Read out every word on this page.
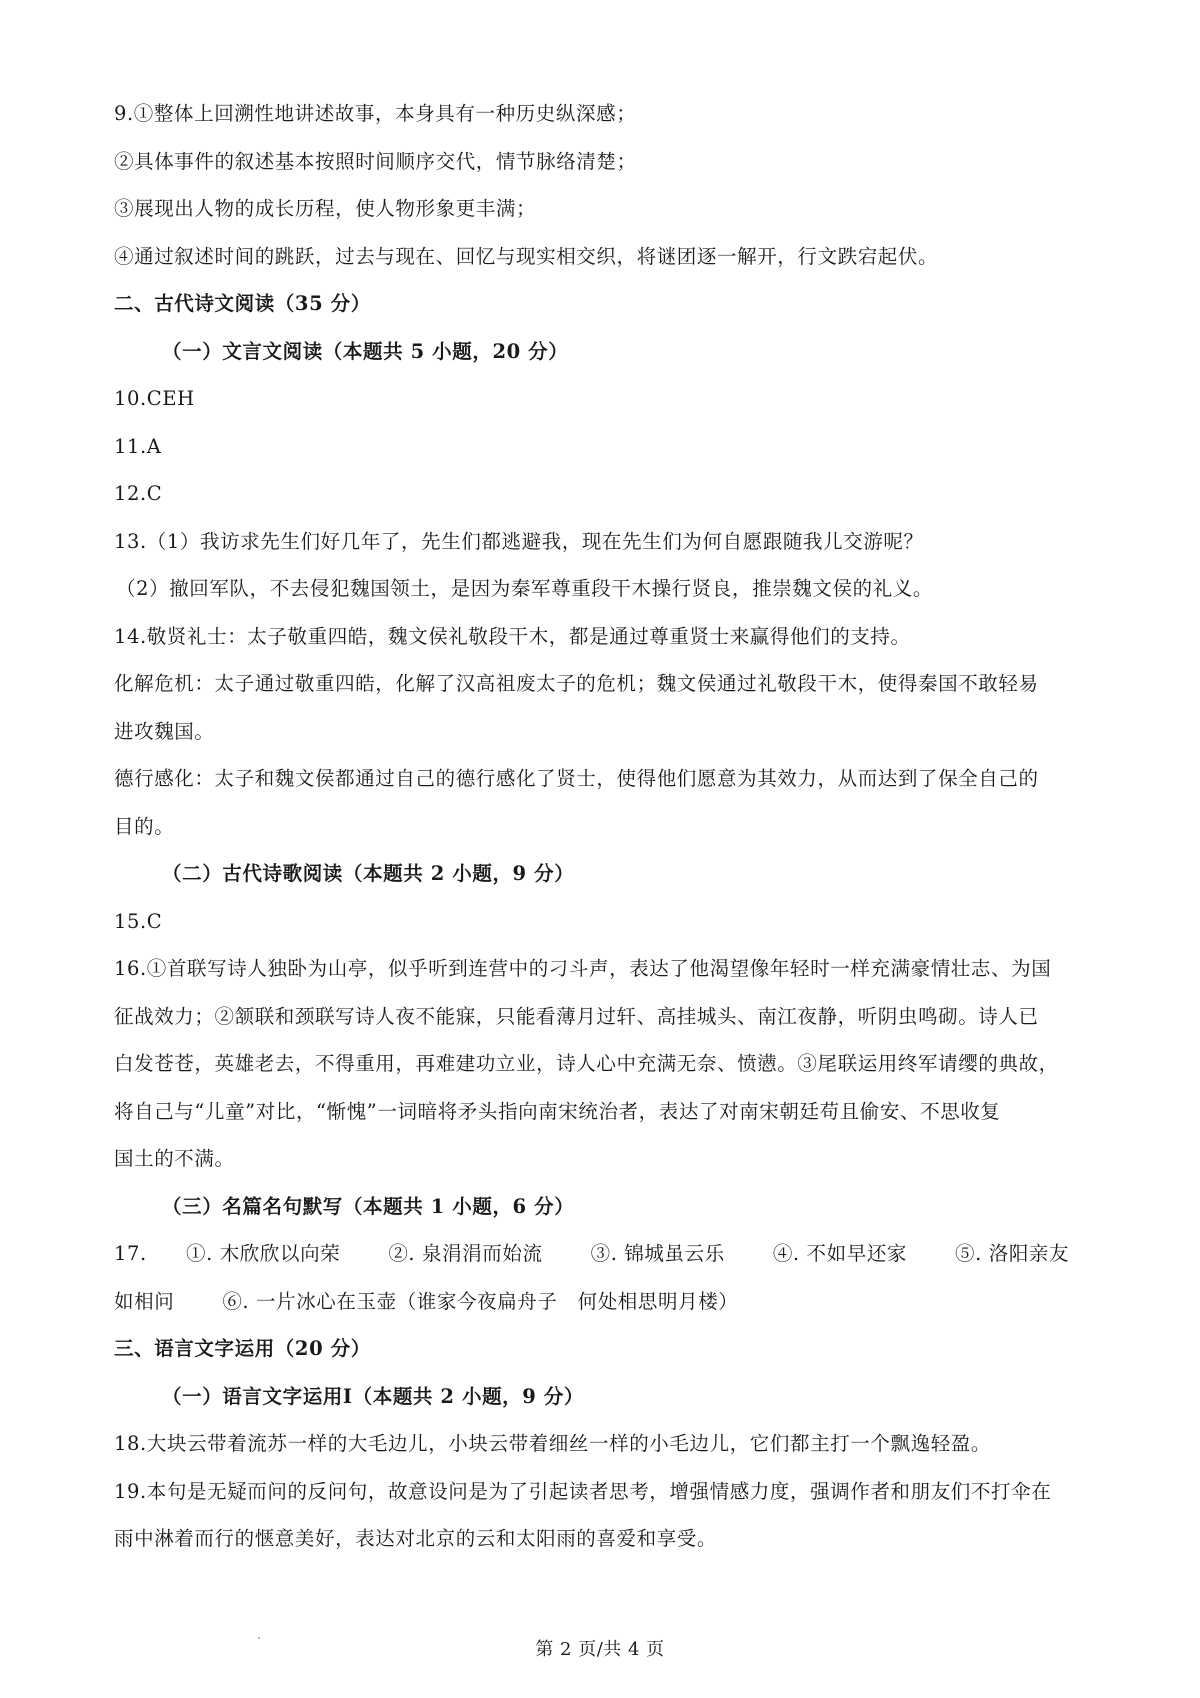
9.①整体上回溯性地讲述故事，本身具有一种历史纵深感；
②具体事件的叙述基本按照时间顺序交代，情节脉络清楚；
③展现出人物的成长历程，使人物形象更丰满；
④通过叙述时间的跳跃，过去与现在、回忆与现实相交织，将谜团逐一解开，行文跌宕起伏。
二、古代诗文阅读（35 分）
（一）文言文阅读（本题共 5 小题，20 分）
10.CEH
11.A
12.C
13.（1）我访求先生们好几年了，先生们都逃避我，现在先生们为何自愿跟随我儿交游呢？
（2）撤回军队，不去侵犯魏国领土，是因为秦军尊重段干木操行贤良，推崇魏文侯的礼义。
14.敬贤礼士：太子敬重四皓，魏文侯礼敬段干木，都是通过尊重贤士来赢得他们的支持。
化解危机：太子通过敬重四皓，化解了汉高祖废太子的危机；魏文侯通过礼敬段干木，使得秦国不敢轻易
进攻魏国。
德行感化：太子和魏文侯都通过自己的德行感化了贤士，使得他们愿意为其效力，从而达到了保全自己的
目的。
（二）古代诗歌阅读（本题共 2 小题，9 分）
15.C
16.①首联写诗人独卧为山亭，似乎听到连营中的刁斗声，表达了他渴望像年轻时一样充满豪情壮志、为国
征战效力；②颔联和颈联写诗人夜不能寐，只能看薄月过轩、高挂城头、南江夜静，听阴虫鸣砌。诗人已
白发苍苍，英雄老去，不得重用，再难建功立业，诗人心中充满无奈、愤懑。③尾联运用终军请缨的典故，
将自己与“儿童”对比，“惭愧”一词暗将矛头指向南宋统治者，表达了对南宋朝廷苟且偷安、不思收复
国土的不满。
（三）名篇名句默写（本题共 1 小题，6 分）
17.	①. 木欣欣以向荣 ②. 泉涓涓而始流 ③. 锦城虽云乐 ④. 不如早还家 ⑤. 洛阳亲友
如相问 ⑥. 一片冰心在玉壶（谁家今夜扁舟子　何处相思明月楼）
三、语言文字运用（20 分）
（一）语言文字运用Ⅰ（本题共 2 小题，9 分）
18.大块云带着流苏一样的大毛边儿，小块云带着细丝一样的小毛边儿，它们都主打一个飘逸轻盈。
19.本句是无疑而问的反问句，故意设问是为了引起读者思考，增强情感力度，强调作者和朋友们不打伞在
雨中淋着而行的惬意美好，表达对北京的云和太阳雨的喜爱和享受。
第 2 页/共 4 页
